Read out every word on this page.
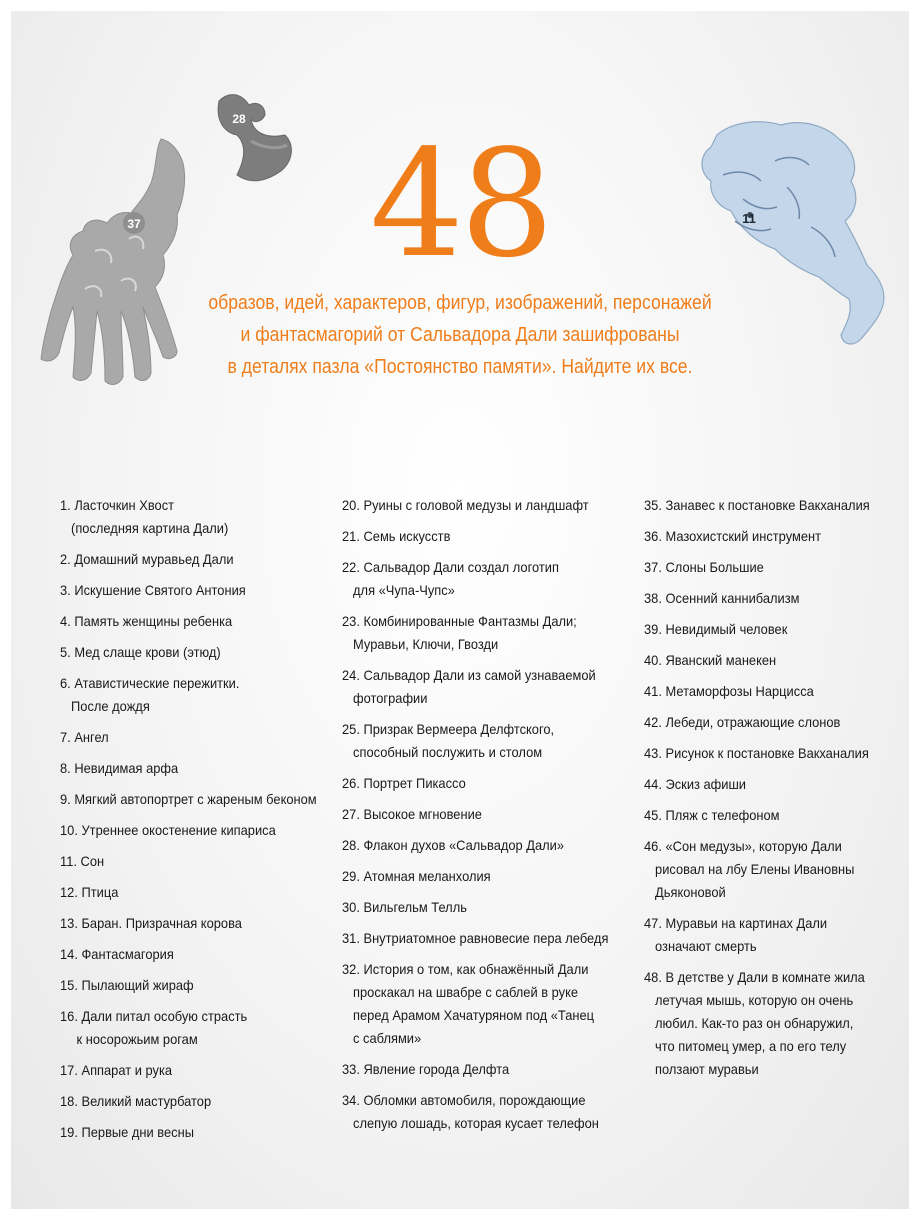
37
28
11
48
образов, идей, характеров, фигур, изображений, персонажей
и фантасмагорий от Сальвадора Дали зашифрованы
в деталях пазла «Постоянство памяти». Найдите их все.
1. Ласточкин Хвост
(последняя картина Дали)
2. Домашний муравьед Дали
3. Искушение Святого Антония
4. Память женщины ребенка
5. Мед слаще крови (этюд)
6. Атавистические пережитки.
После дождя
7. Ангел
8. Невидимая арфа
9. Мягкий автопортрет с жареным беконом
10. Утреннее окостенение кипариса
11. Сон
12. Птица
13. Баран. Призрачная корова
14. Фантасмагория
15. Пылающий жираф
16. Дали питал особую страсть
к носорожьим рогам
17. Аппарат и рука
18. Великий мастурбатор
19. Первые дни весны
20. Руины с головой медузы и ландшафт
21. Семь искусств
22. Сальвадор Дали создал логотип
для «Чупа-Чупс»
23. Комбинированные Фантазмы Дали;
Муравьи, Ключи, Гвозди
24. Сальвадор Дали из самой узнаваемой
фотографии
25. Призрак Вермеера Делфтского,
способный послужить и столом
26. Портрет Пикассо
27. Высокое мгновение
28. Флакон духов «Сальвадор Дали»
29. Атомная меланхолия
30. Вильгельм Телль
31. Внутриатомное равновесие пера лебедя
32. История о том, как обнажённый Дали
проскакал на швабре с саблей в руке
перед Арамом Хачатуряном под «Танец
с саблями»
33. Явление города Делфта
34. Обломки автомобиля, порождающие
слепую лошадь, которая кусает телефон
35. Занавес к постановке Вакханалия
36. Мазохистский инструмент
37. Слоны Большие
38. Осенний каннибализм
39. Невидимый человек
40. Яванский манекен
41. Метаморфозы Нарцисса
42. Лебеди, отражающие слонов
43. Рисунок к постановке Вакханалия
44. Эскиз афиши
45. Пляж с телефоном
46. «Сон медузы», которую Дали
рисовал на лбу Елены Ивановны
Дьяконовой
47. Муравьи на картинах Дали
означают смерть
48. В детстве у Дали в комнате жила
летучая мышь, которую он очень
любил. Как-то раз он обнаружил,
что питомец умер, а по его телу
ползают муравьи
